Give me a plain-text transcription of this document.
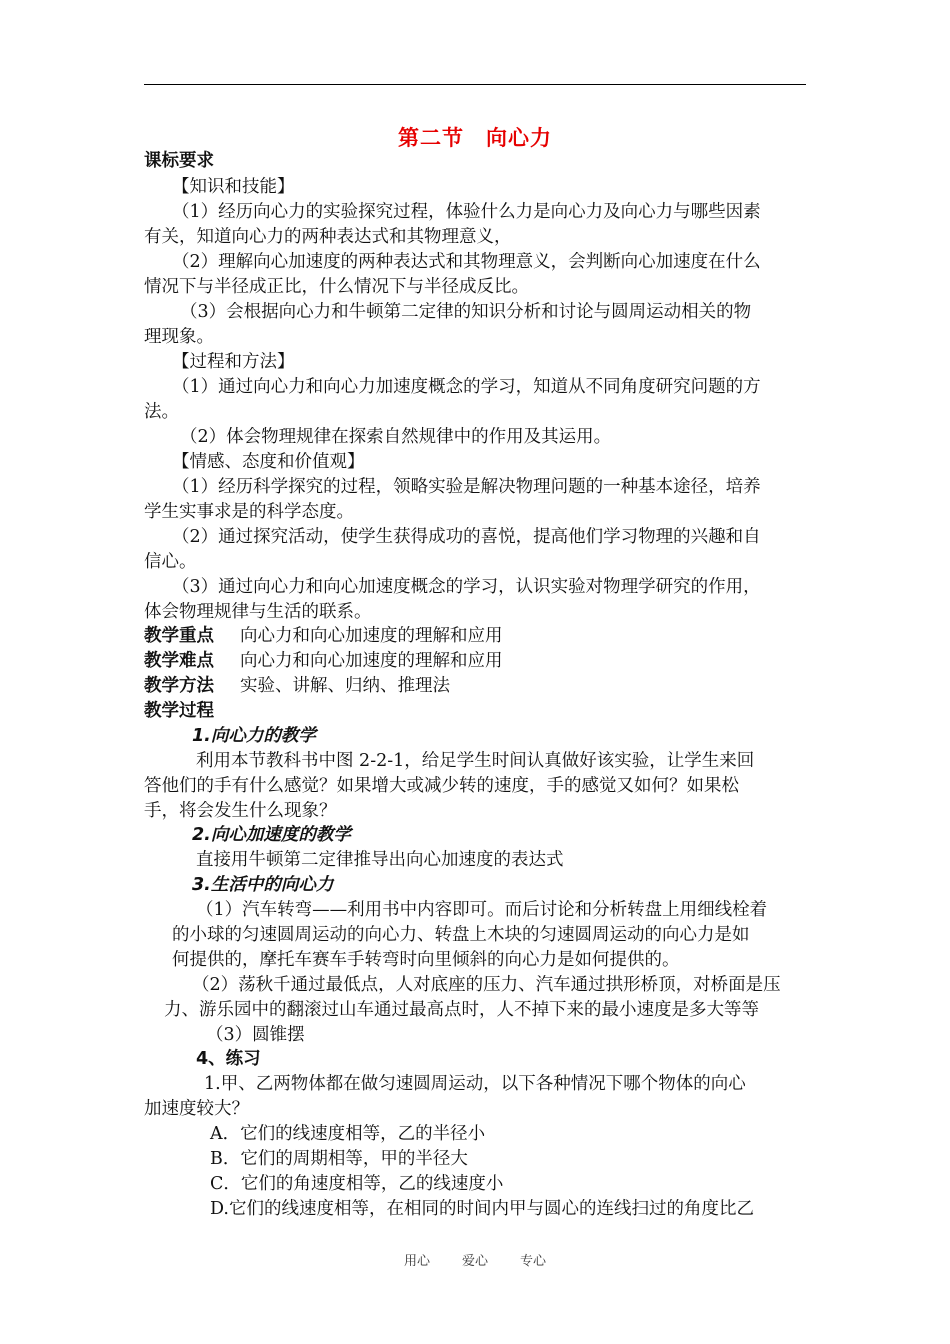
第二节　向心力
课标要求
【知识和技能】
（1）经历向心力的实验探究过程，体验什么力是向心力及向心力与哪些因素
有关，知道向心力的两种表达式和其物理意义，
（2）理解向心加速度的两种表达式和其物理意义，会判断向心加速度在什么
情况下与半径成正比，什么情况下与半径成反比。
（3）会根据向心力和牛顿第二定律的知识分析和讨论与圆周运动相关的物
理现象。
【过程和方法】
（1）通过向心力和向心力加速度概念的学习，知道从不同角度研究问题的方
法。
（2）体会物理规律在探索自然规律中的作用及其运用。
【情感、态度和价值观】
（1）经历科学探究的过程，领略实验是解决物理问题的一种基本途径，培养
学生实事求是的科学态度。
（2）通过探究活动，使学生获得成功的喜悦，提高他们学习物理的兴趣和自
信心。
（3）通过向心力和向心加速度概念的学习，认识实验对物理学研究的作用，
体会物理规律与生活的联系。
教学重点 向心力和向心加速度的理解和应用
教学难点 向心力和向心加速度的理解和应用
教学方法 实验、讲解、归纳、推理法
教学过程
1.向心力的教学
利用本节教科书中图 2-2-1，给足学生时间认真做好该实验，让学生来回
答他们的手有什么感觉？如果增大或减少转的速度，手的感觉又如何？如果松
手，将会发生什么现象？
2.向心加速度的教学
直接用牛顿第二定律推导出向心加速度的表达式
3.生活中的向心力
（1）汽车转弯——利用书中内容即可。而后讨论和分析转盘上用细线栓着
的小球的匀速圆周运动的向心力、转盘上木块的匀速圆周运动的向心力是如
何提供的，摩托车赛车手转弯时向里倾斜的向心力是如何提供的。
（2）荡秋千通过最低点，人对底座的压力、汽车通过拱形桥顶，对桥面是压
力、游乐园中的翻滚过山车通过最高点时，人不掉下来的最小速度是多大等等
（3）圆锥摆
4、练习
1.甲、乙两物体都在做匀速圆周运动，以下各种情况下哪个物体的向心
加速度较大？
A．它们的线速度相等，乙的半径小
B．它们的周期相等，甲的半径大
C．它们的角速度相等，乙的线速度小
D.它们的线速度相等，在相同的时间内甲与圆心的连线扫过的角度比乙
用心 爱心 专心
